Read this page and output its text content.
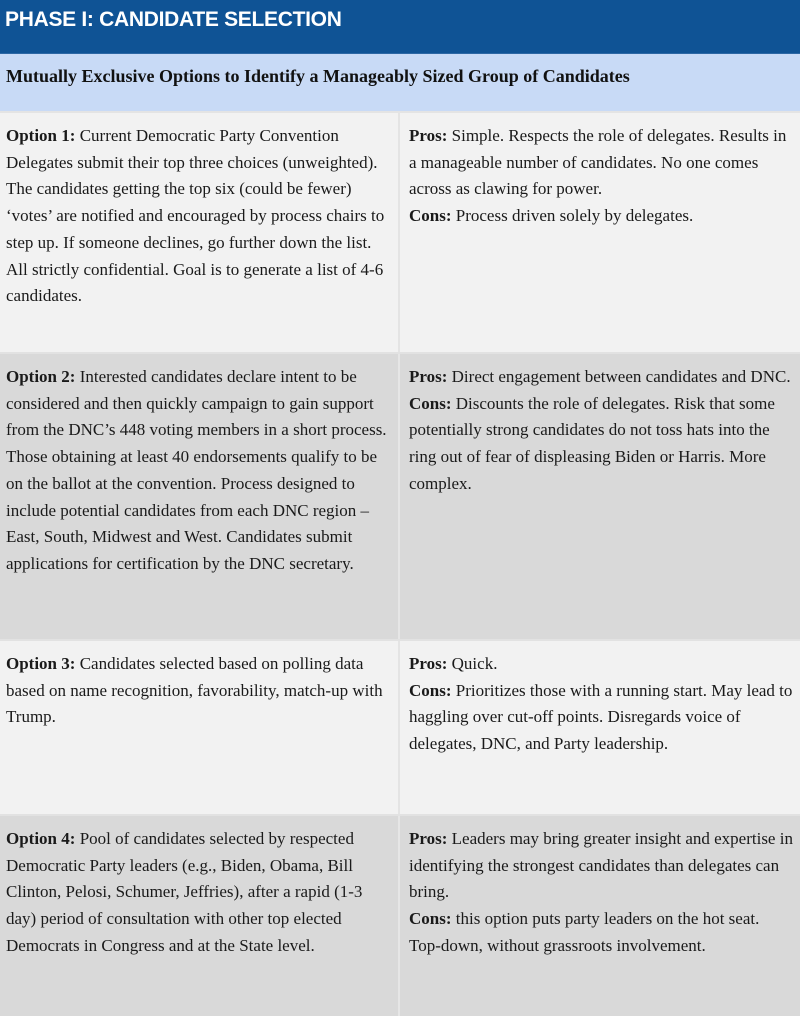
PHASE I: CANDIDATE SELECTION
Mutually Exclusive Options to Identify a Manageably Sized Group of Candidates
Option 1: Current Democratic Party Convention Delegates submit their top three choices (unweighted). The candidates getting the top six (could be fewer) ‘votes’ are notified and encouraged by process chairs to step up. If someone declines, go further down the list. All strictly confidential. Goal is to generate a list of 4-6 candidates.
Pros: Simple. Respects the role of delegates. Results in a manageable number of candidates. No one comes across as clawing for power.
Cons: Process driven solely by delegates.
Option 2: Interested candidates declare intent to be considered and then quickly campaign to gain support from the DNC’s 448 voting members in a short process. Those obtaining at least 40 endorsements qualify to be on the ballot at the convention. Process designed to include potential candidates from each DNC region – East, South, Midwest and West. Candidates submit applications for certification by the DNC secretary.
Pros: Direct engagement between candidates and DNC.
Cons: Discounts the role of delegates. Risk that some potentially strong candidates do not toss hats into the ring out of fear of displeasing Biden or Harris. More complex.
Option 3: Candidates selected based on polling data based on name recognition, favorability, match-up with Trump.
Pros: Quick.
Cons: Prioritizes those with a running start. May lead to haggling over cut-off points. Disregards voice of delegates, DNC, and Party leadership.
Option 4: Pool of candidates selected by respected Democratic Party leaders (e.g., Biden, Obama, Bill Clinton, Pelosi, Schumer, Jeffries), after a rapid (1-3 day) period of consultation with other top elected Democrats in Congress and at the State level.
Pros: Leaders may bring greater insight and expertise in identifying the strongest candidates than delegates can bring.
Cons: this option puts party leaders on the hot seat. Top-down, without grassroots involvement.
